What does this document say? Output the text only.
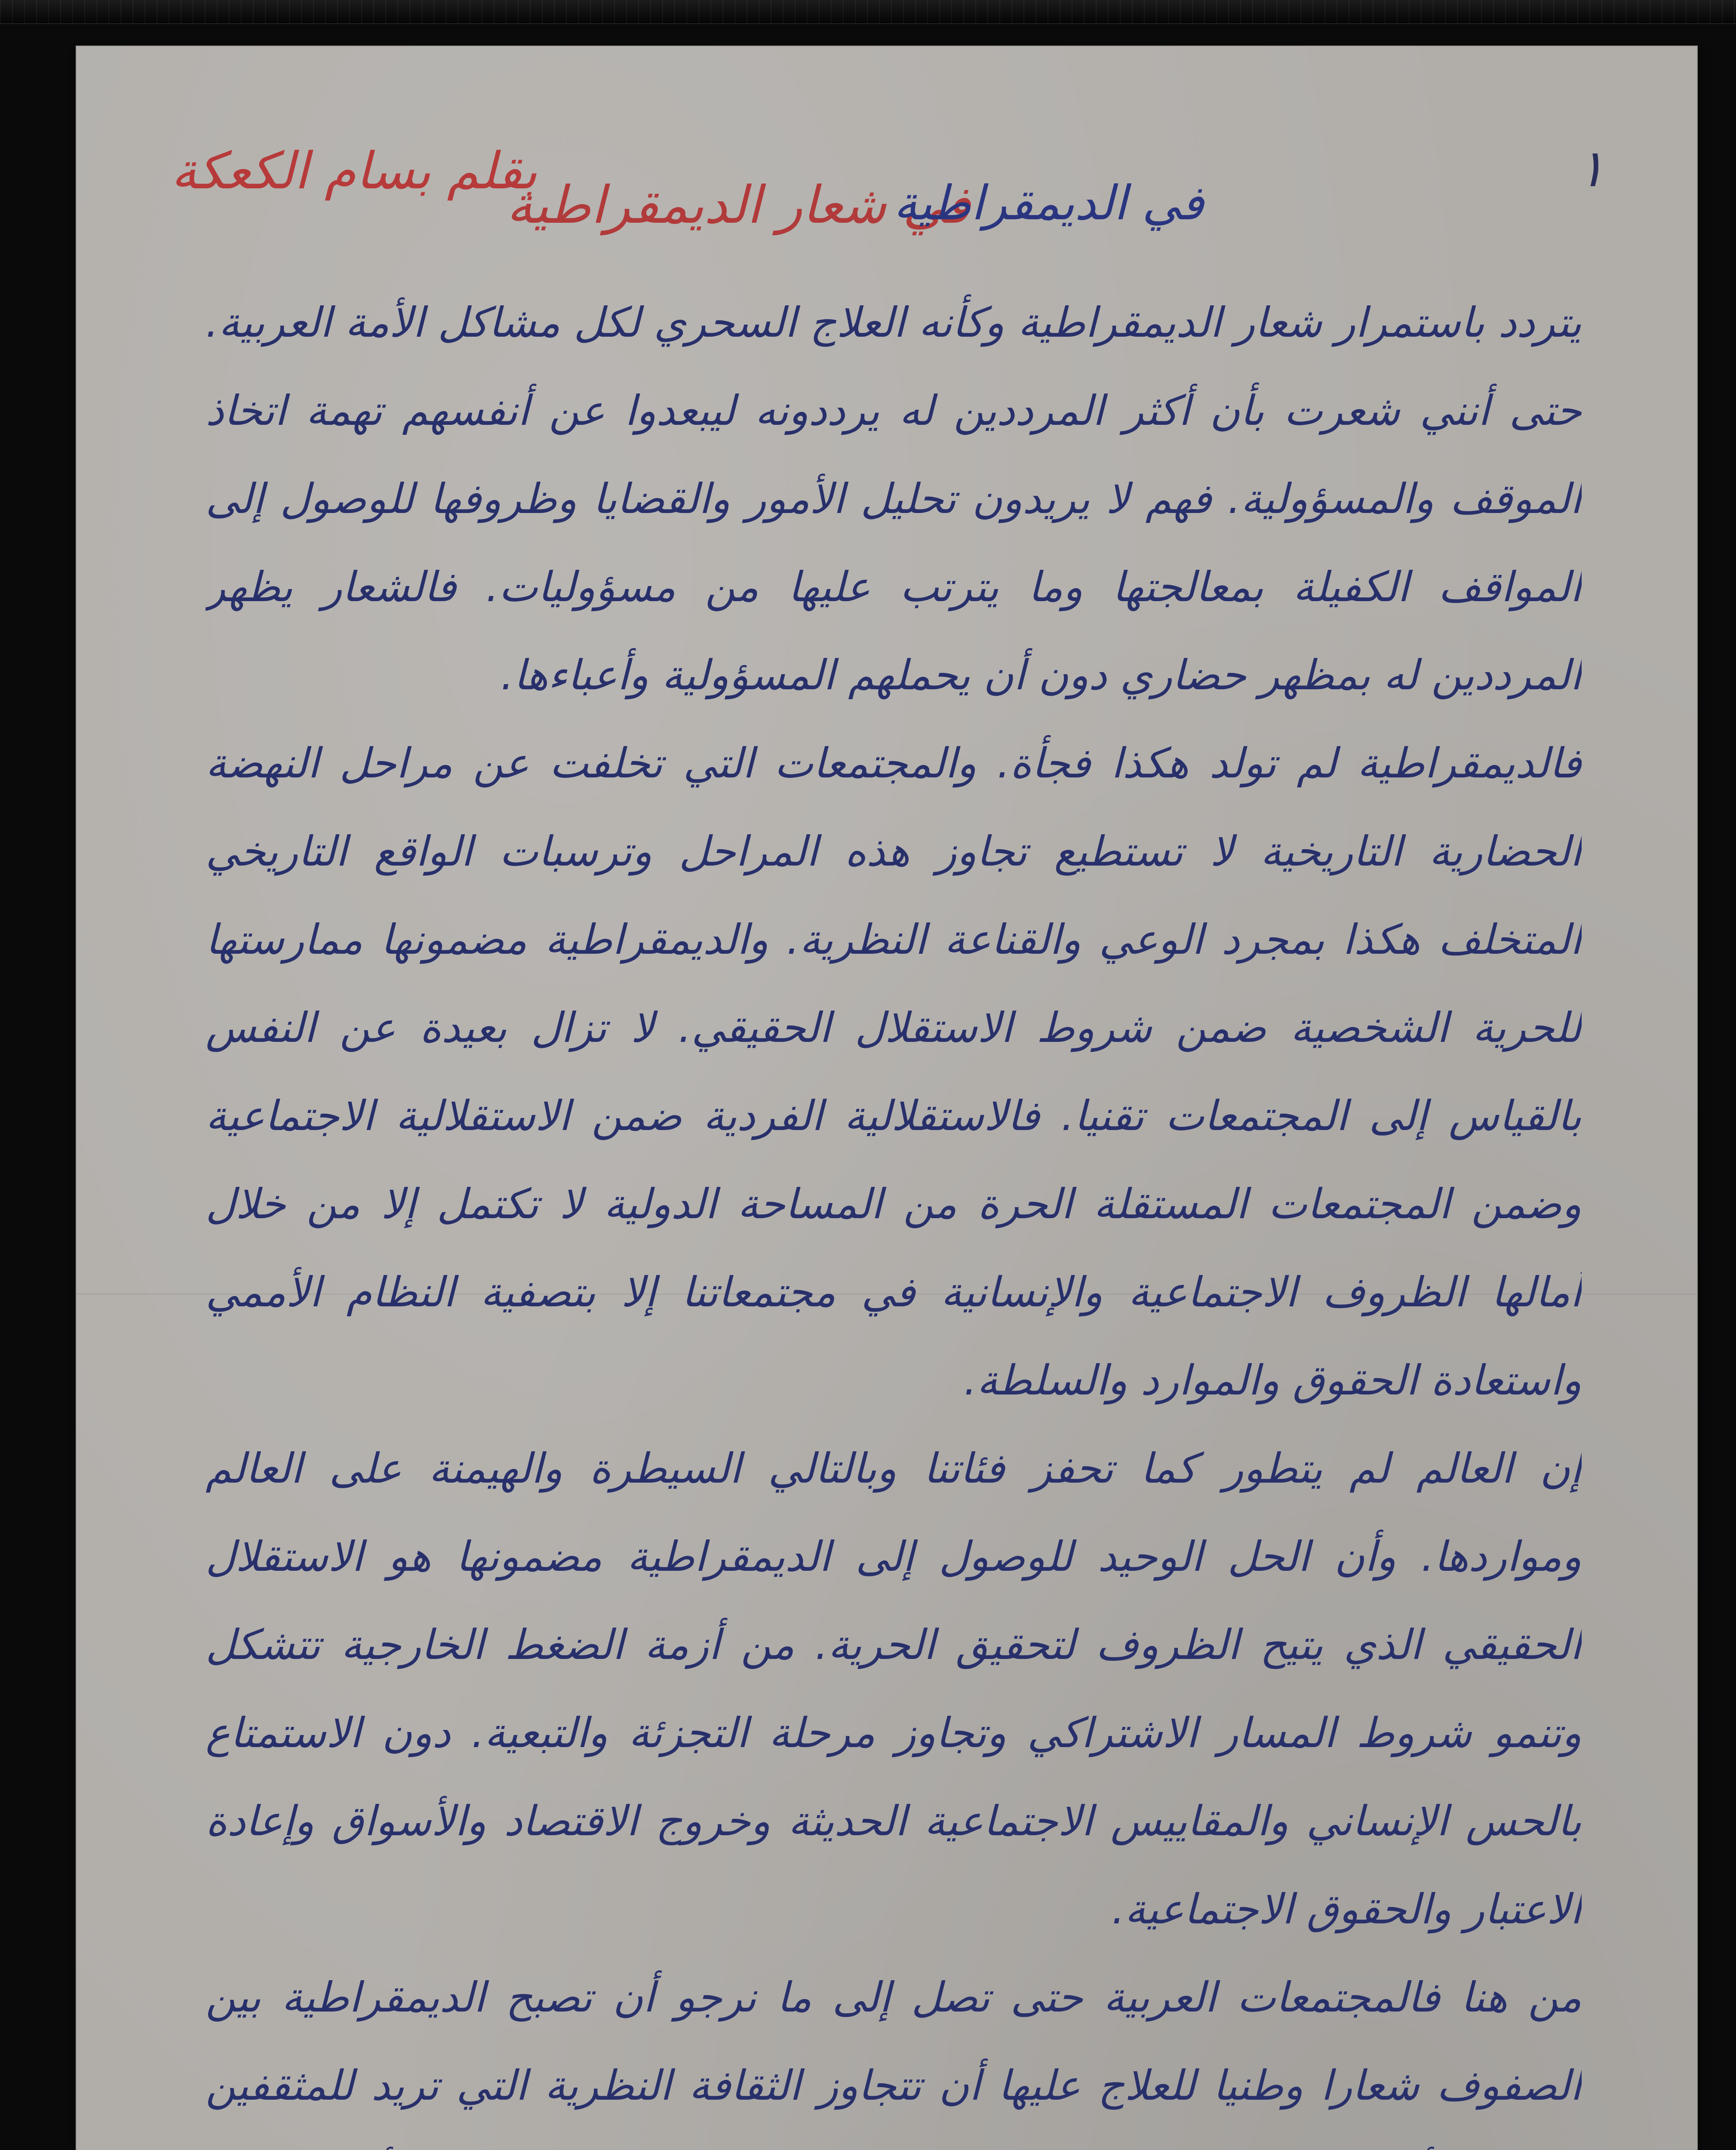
١
بقلم بسام الكعكة
في شعار الديمقراطية
في الديمقراطية

يتردد باستمرار شعار الديمقراطية وكأنه العلاج السحري لكل مشاكل الأمة العربية. حتى أنني شعرت بأن أكثر المرددين له يرددونه ليبعدوا عن أنفسهم تهمة اتخاذ الموقف والمسؤولية. فهم لا يريدون تحليل الأمور والقضايا وظروفها للوصول إلى المواقف الكفيلة بمعالجتها وما يترتب عليها من مسؤوليات. فالشعار يظهر المرددين له بمظهر حضاري دون أن يحملهم المسؤولية وأعباءها.

فالديمقراطية لم تولد هكذا فجأة. والمجتمعات التي تخلفت عن مراحل النهضة الحضارية التاريخية لا تستطيع تجاوز هذه المراحل وترسبات الواقع التاريخي المتخلف هكذا بمجرد الوعي والقناعة النظرية. والديمقراطية مضمونها ممارستها للحرية الشخصية ضمن شروط الاستقلال الحقيقي. لا تزال بعيدة عن النفس بالقياس إلى المجتمعات تقنيا. فالاستقلالية الفردية ضمن الاستقلالية الاجتماعية وضمن المجتمعات المستقلة الحرة من المساحة الدولية لا تكتمل إلا من خلال أمالها الظروف الاجتماعية والإنسانية في مجتمعاتنا إلا بتصفية النظام الأممي واستعادة الحقوق والموارد والسلطة.

إن العالم لم يتطور كما تحفز فئاتنا وبالتالي السيطرة والهيمنة على العالم ومواردها. وأن الحل الوحيد للوصول إلى الديمقراطية مضمونها هو الاستقلال الحقيقي الذي يتيح الظروف لتحقيق الحرية. من أزمة الضغط الخارجية تتشكل وتنمو شروط المسار الاشتراكي وتجاوز مرحلة التجزئة والتبعية. دون الاستمتاع بالحس الإنساني والمقاييس الاجتماعية الحديثة وخروج الاقتصاد والأسواق وإعادة الاعتبار والحقوق الاجتماعية.

من هنا فالمجتمعات العربية حتى تصل إلى ما نرجو أن تصبح الديمقراطية بين الصفوف شعارا وطنيا للعلاج عليها أن تتجاوز الثقافة النظرية التي تريد للمثقفين
